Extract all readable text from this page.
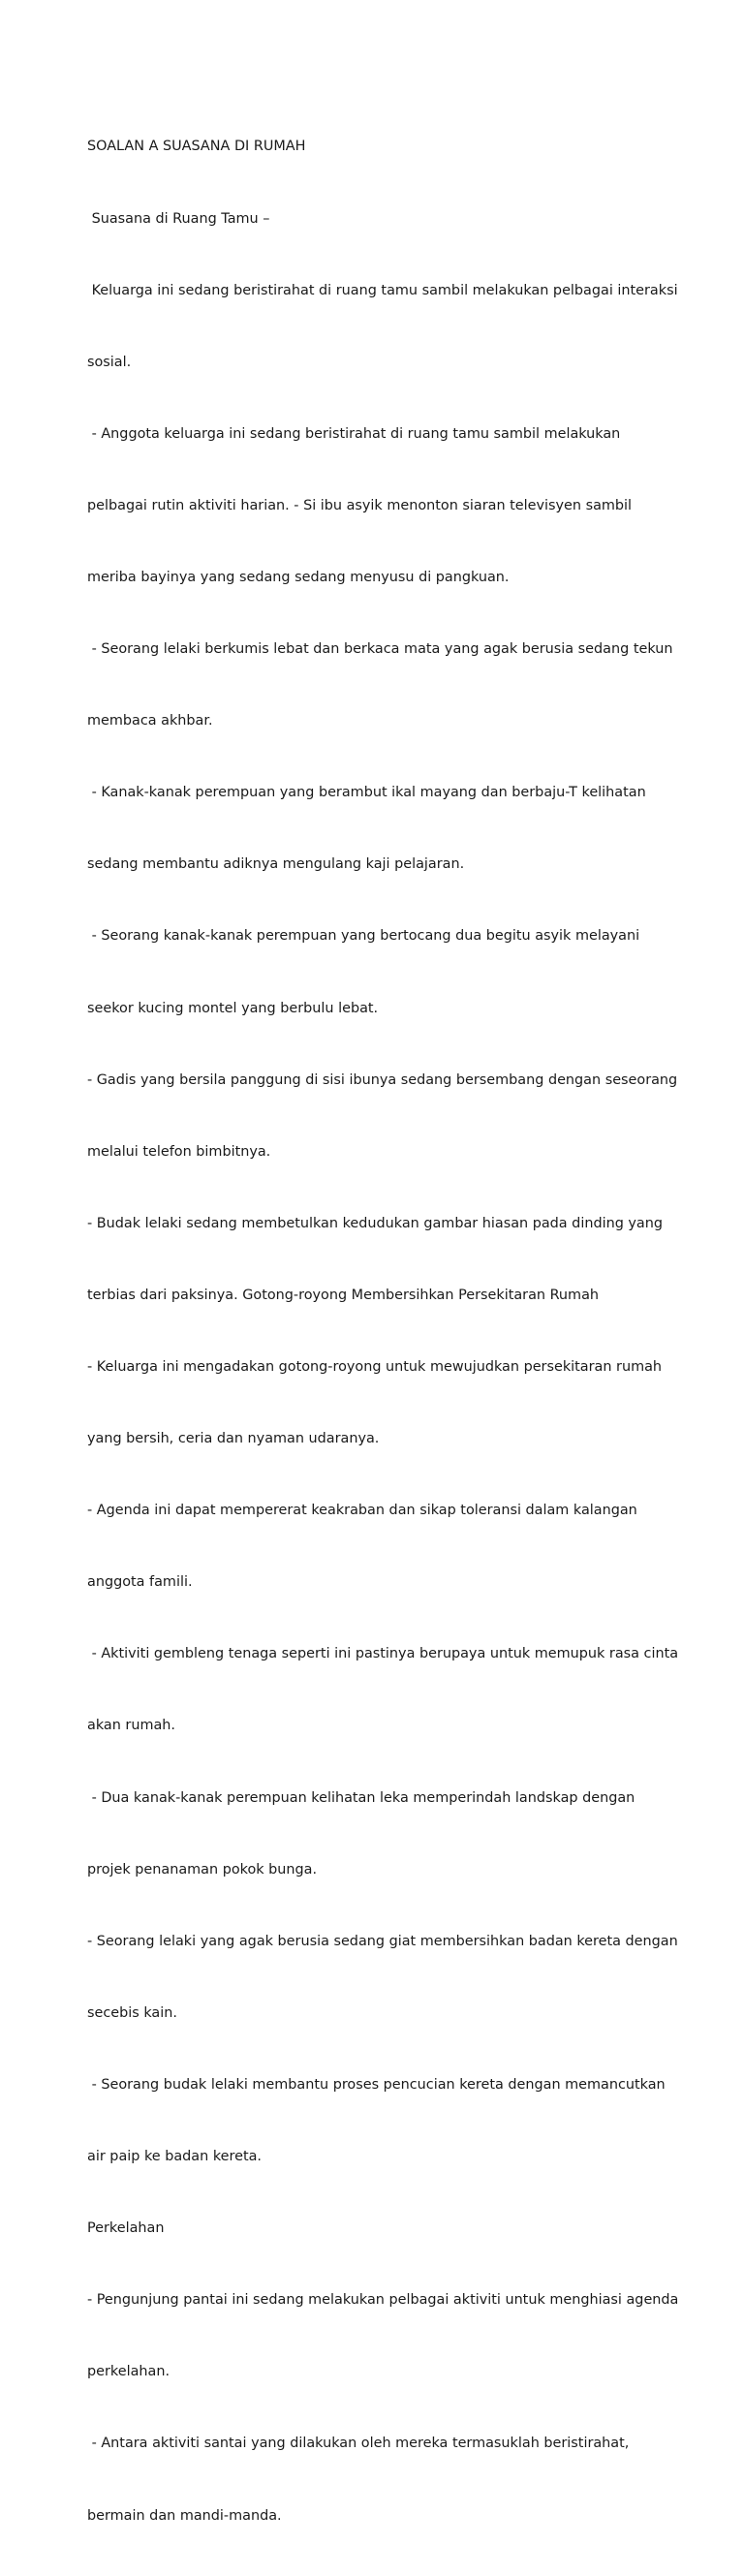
SOALAN A SUASANA DI RUMAH

Suasana di Ruang Tamu –

Keluarga ini sedang beristirahat di ruang tamu sambil melakukan pelbagai interaksi

sosial.

- Anggota keluarga ini sedang beristirahat di ruang tamu sambil melakukan

pelbagai rutin aktiviti harian. - Si ibu asyik menonton siaran televisyen sambil

meriba bayinya yang sedang sedang menyusu di pangkuan.

- Seorang lelaki berkumis lebat dan berkaca mata yang agak berusia sedang tekun

membaca akhbar.

- Kanak-kanak perempuan yang berambut ikal mayang dan berbaju-T kelihatan

sedang membantu adiknya mengulang kaji pelajaran.

- Seorang kanak-kanak perempuan yang bertocang dua begitu asyik melayani

seekor kucing montel yang berbulu lebat.

- Gadis yang bersila panggung di sisi ibunya sedang bersembang dengan seseorang

melalui telefon bimbitnya.

- Budak lelaki sedang membetulkan kedudukan gambar hiasan pada dinding yang

terbias dari paksinya. Gotong-royong Membersihkan Persekitaran Rumah

- Keluarga ini mengadakan gotong-royong untuk mewujudkan persekitaran rumah

yang bersih, ceria dan nyaman udaranya.

- Agenda ini dapat mempererat keakraban dan sikap toleransi dalam kalangan

anggota famili.

- Aktiviti gembleng tenaga seperti ini pastinya berupaya untuk memupuk rasa cinta

akan rumah.

- Dua kanak-kanak perempuan kelihatan leka memperindah landskap dengan

projek penanaman pokok bunga.

- Seorang lelaki yang agak berusia sedang giat membersihkan badan kereta dengan

secebis kain.

- Seorang budak lelaki membantu proses pencucian kereta dengan memancutkan

air paip ke badan kereta.

Perkelahan

- Pengunjung pantai ini sedang melakukan pelbagai aktiviti untuk menghiasi agenda

perkelahan.

- Antara aktiviti santai yang dilakukan oleh mereka termasuklah beristirahat,

bermain dan mandi-manda.
